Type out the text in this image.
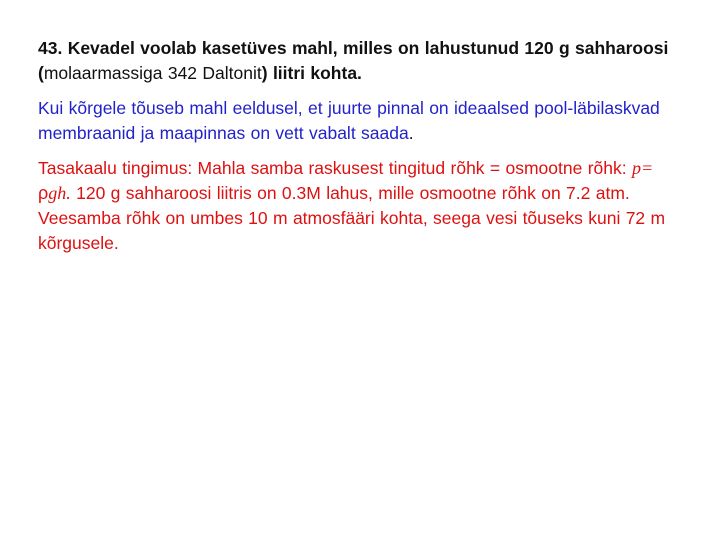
43. Kevadel voolab kasetüves mahl, milles on lahustunud 120 g sahharoosi (molaarmassiga 342 Daltonit) liitri kohta.

Kui kõrgele tõuseb mahl eeldusel, et juurte pinnal on ideaalsed pool-läbilaskvad membraanid ja maapinnas on vett vabalt saada.

Tasakaalu tingimus: Mahla samba raskusest tingitud rõhk = osmootne rõhk: p= ρgh. 120 g sahharoosi liitris on 0.3M lahus, mille osmootne rõhk on 7.2 atm. Veesamba rõhk on umbes 10 m atmosfääri kohta, seega vesi tõuseks kuni 72 m kõrgusele.
